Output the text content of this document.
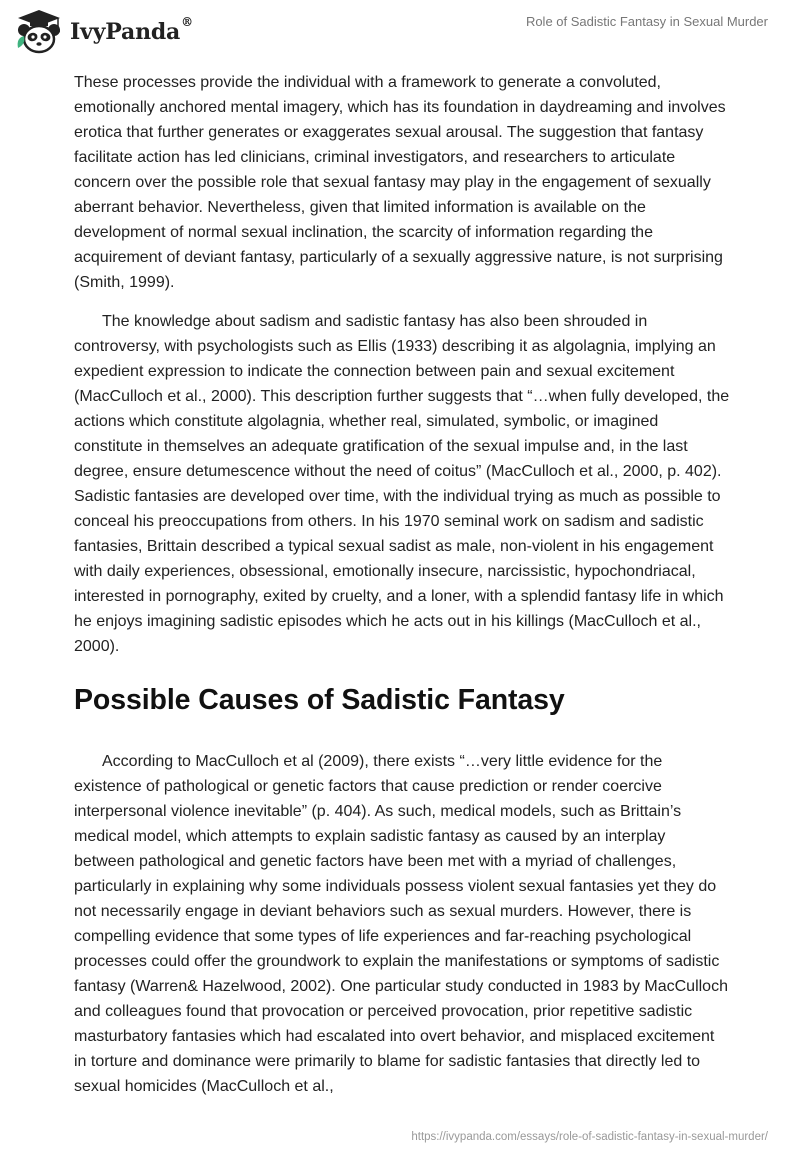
IvyPanda®	Role of Sadistic Fantasy in Sexual Murder

These processes provide the individual with a framework to generate a convoluted, emotionally anchored mental imagery, which has its foundation in daydreaming and involves erotica that further generates or exaggerates sexual arousal. The suggestion that fantasy facilitate action has led clinicians, criminal investigators, and researchers to articulate concern over the possible role that sexual fantasy may play in the engagement of sexually aberrant behavior. Nevertheless, given that limited information is available on the development of normal sexual inclination, the scarcity of information regarding the acquirement of deviant fantasy, particularly of a sexually aggressive nature, is not surprising (Smith, 1999).

The knowledge about sadism and sadistic fantasy has also been shrouded in controversy, with psychologists such as Ellis (1933) describing it as algolagnia, implying an expedient expression to indicate the connection between pain and sexual excitement (MacCulloch et al., 2000). This description further suggests that “…when fully developed, the actions which constitute algolagnia, whether real, simulated, symbolic, or imagined constitute in themselves an adequate gratification of the sexual impulse and, in the last degree, ensure detumescence without the need of coitus” (MacCulloch et al., 2000, p. 402). Sadistic fantasies are developed over time, with the individual trying as much as possible to conceal his preoccupations from others. In his 1970 seminal work on sadism and sadistic fantasies, Brittain described a typical sexual sadist as male, non-violent in his engagement with daily experiences, obsessional, emotionally insecure, narcissistic, hypochondriacal, interested in pornography, exited by cruelty, and a loner, with a splendid fantasy life in which he enjoys imagining sadistic episodes which he acts out in his killings (MacCulloch et al., 2000).

Possible Causes of Sadistic Fantasy

According to MacCulloch et al (2009), there exists “…very little evidence for the existence of pathological or genetic factors that cause prediction or render coercive interpersonal violence inevitable” (p. 404). As such, medical models, such as Brittain’s medical model, which attempts to explain sadistic fantasy as caused by an interplay between pathological and genetic factors have been met with a myriad of challenges, particularly in explaining why some individuals possess violent sexual fantasies yet they do not necessarily engage in deviant behaviors such as sexual murders. However, there is compelling evidence that some types of life experiences and far-reaching psychological processes could offer the groundwork to explain the manifestations or symptoms of sadistic fantasy (Warren& Hazelwood, 2002). One particular study conducted in 1983 by MacCulloch and colleagues found that provocation or perceived provocation, prior repetitive sadistic masturbatory fantasies which had escalated into overt behavior, and misplaced excitement in torture and dominance were primarily to blame for sadistic fantasies that directly led to sexual homicides (MacCulloch et al.,

https://ivypanda.com/essays/role-of-sadistic-fantasy-in-sexual-murder/
